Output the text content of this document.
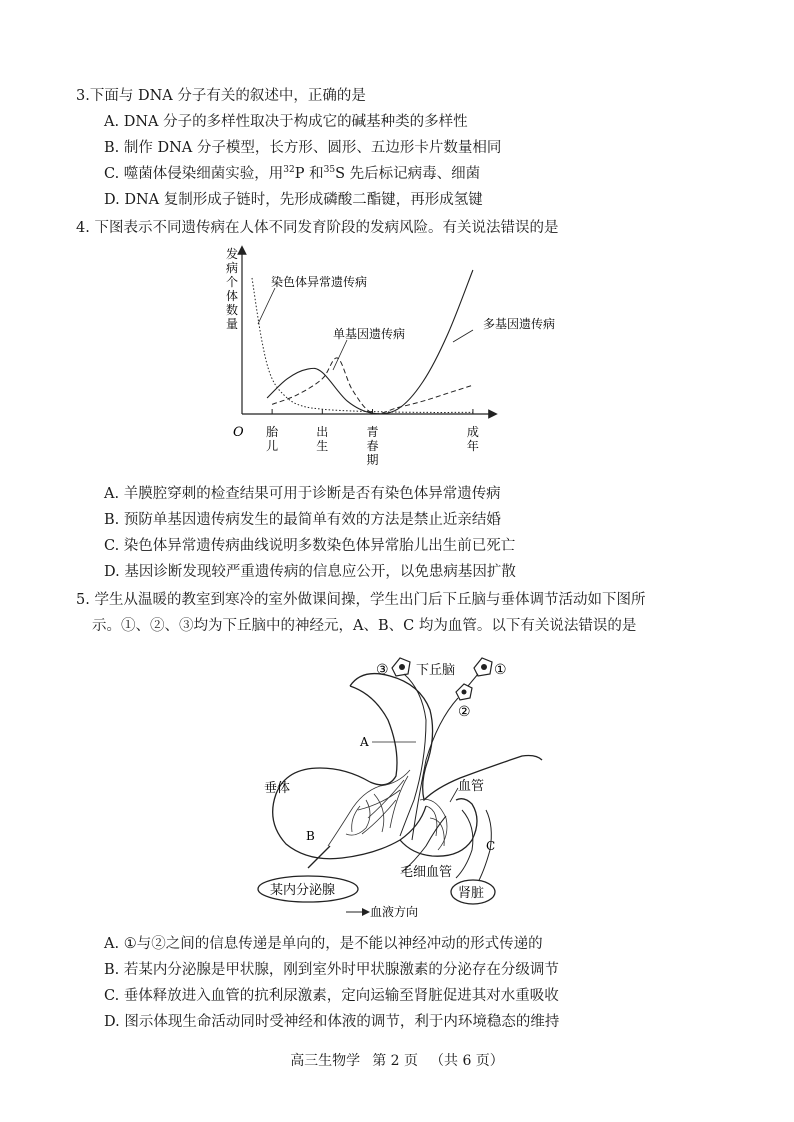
3.下面与 DNA 分子有关的叙述中，正确的是
A. DNA 分子的多样性取决于构成它的碱基种类的多样性
B. 制作 DNA 分子模型，长方形、圆形、五边形卡片数量相同
C. 噬菌体侵染细菌实验，用$^{32}$P 和$^{35}$S 先后标记病毒、细菌
D. DNA 复制形成子链时，先形成磷酸二酯键，再形成氢键
4. 下图表示不同遗传病在人体不同发育阶段的发病风险。有关说法错误的是
O
发
病
个
体
数
量
胎
儿
出
生
青
春
期
成
年
染色体异常遗传病
单基因遗传病
多基因遗传病
A. 羊膜腔穿刺的检查结果可用于诊断是否有染色体异常遗传病
B. 预防单基因遗传病发生的最简单有效的方法是禁止近亲结婚
C. 染色体异常遗传病曲线说明多数染色体异常胎儿出生前已死亡
D. 基因诊断发现较严重遗传病的信息应公开，以免患病基因扩散
5. 学生从温暖的教室到寒冷的室外做课间操，学生出门后下丘脑与垂体调节活动如下图所
示。①、②、③均为下丘脑中的神经元，A、B、C 均为血管。以下有关说法错误的是
③ 下丘脑	①
②
A
垂体	血管
B
C
毛细血管
某内分泌腺	肾脏
血液方向
A. ①与②之间的信息传递是单向的，是不能以神经冲动的形式传递的
B. 若某内分泌腺是甲状腺，刚到室外时甲状腺激素的分泌存在分级调节
C. 垂体释放进入血管的抗利尿激素，定向运输至肾脏促进其对水重吸收
D. 图示体现生命活动同时受神经和体液的调节，利于内环境稳态的维持
高三生物学 第 2 页 （共 6 页）
